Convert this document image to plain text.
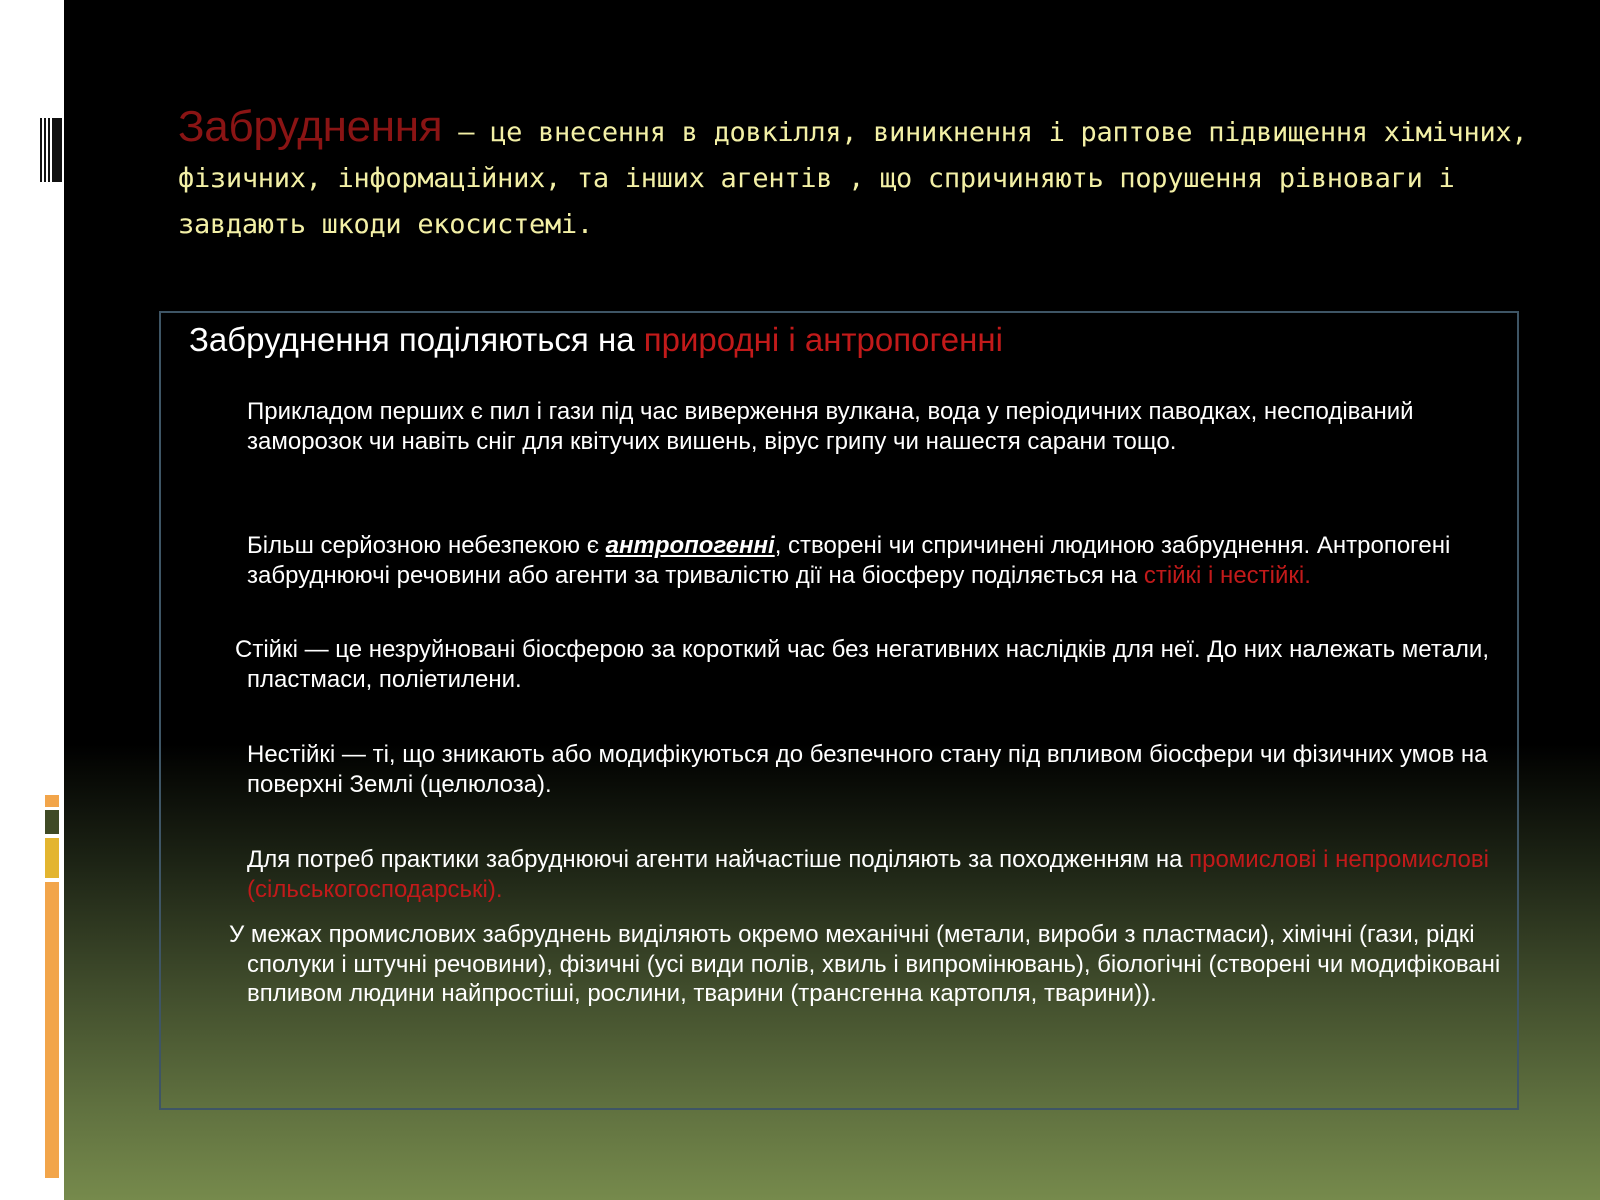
Забруднення – це внесення в довкілля, виникнення і раптове підвищення хімічних, фізичних, інформаційних, та інших агентів , що спричиняють порушення рівноваги і завдають шкоди екосистемі.
Забруднення поділяються на природні і антропогенні

Прикладом перших є пил і гази під час виверження вулкана, вода у періодичних паводках, несподіваний заморозок чи навіть сніг для квітучих вишень, вірус грипу чи нашестя сарани тощо.

Більш серйозною небезпекою є антропогенні, створені чи спричинені людиною забруднення. Антропогені забруднюючі речовини або агенти за тривалістю дії на біосферу поділяється на стійкі і нестійкі.

Стійкі — це незруйновані біосферою за короткий час без негативних наслідків для неї. До них належать метали, пластмаси, поліетилени.

Нестійкі — ті, що зникають або модифікуються до безпечного стану під впливом біосфери чи фізичних умов на поверхні Землі (целюлоза).

Для потреб практики забруднюючі агенти найчастіше поділяють за походженням на промислові і непромислові (сільськогосподарські).

У межах промислових забруднень виділяють окремо механічні (метали, вироби з пластмаси), хімічні (гази, рідкі сполуки і штучні речовини), фізичні (усі види полів, хвиль і випромінювань), біологічні (створені чи модифіковані впливом людини найпростіші, рослини, тварини (трансгенна картопля, тварини)).
